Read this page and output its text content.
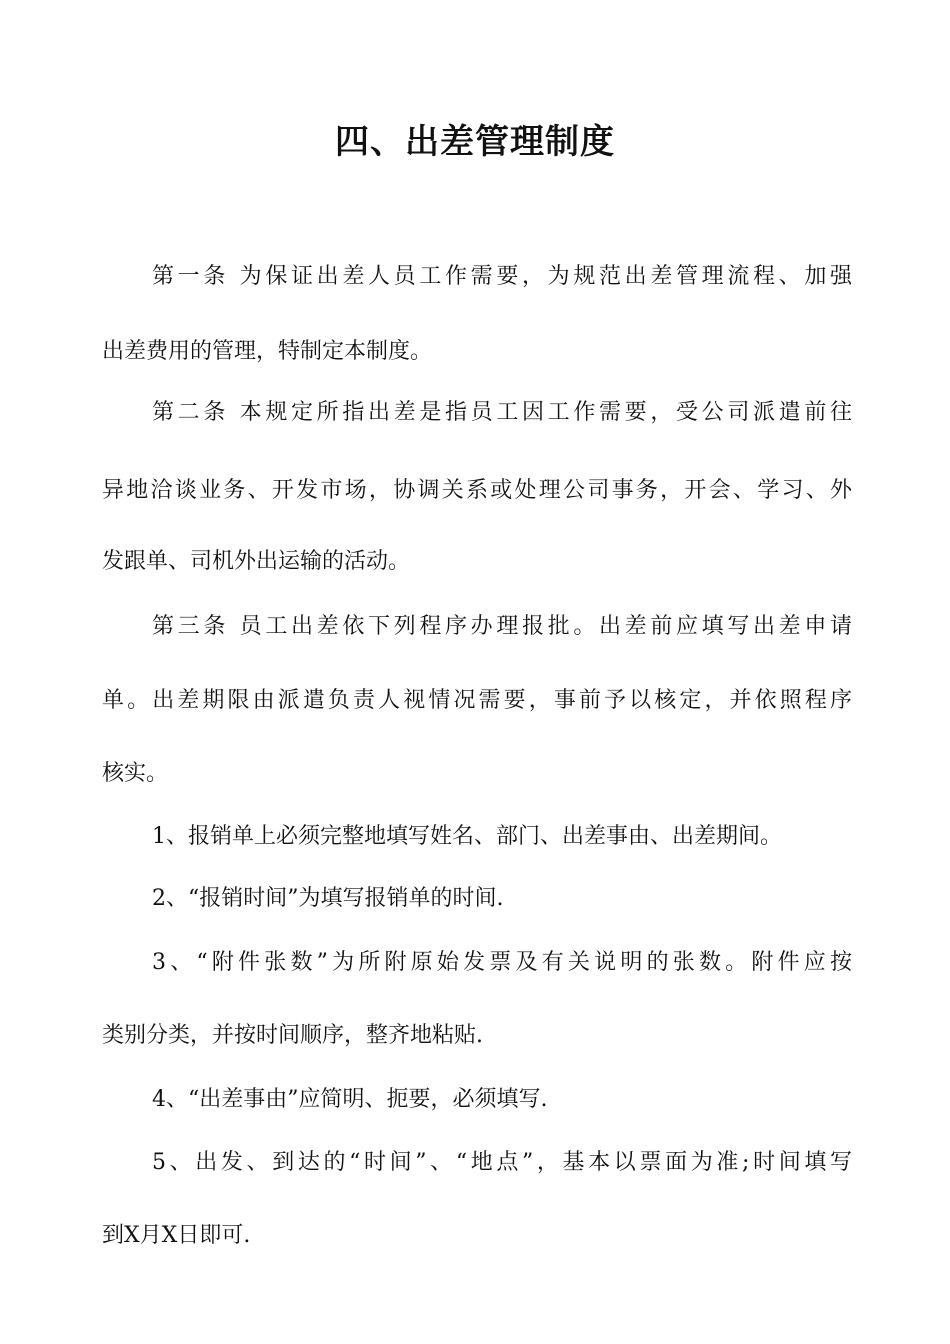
四、出差管理制度

第一条 为保证出差人员工作需要，为规范出差管理流程、加强

出差费用的管理，特制定本制度。

第二条 本规定所指出差是指员工因工作需要，受公司派遣前往

异地洽谈业务、开发市场，协调关系或处理公司事务，开会、学习、外

发跟单、司机外出运输的活动。

第三条 员工出差依下列程序办理报批。出差前应填写出差申请

单。出差期限由派遣负责人视情况需要，事前予以核定，并依照程序

核实。

1、报销单上必须完整地填写姓名、部门、出差事由、出差期间。

2、“报销时间”为填写报销单的时间.

3、“附件张数”为所附原始发票及有关说明的张数。附件应按

类别分类，并按时间顺序，整齐地粘贴.

4、“出差事由”应简明、扼要，必须填写.

5、出发、到达的“时间”、“地点”，基本以票面为准;时间填写

到X月X日即可.
